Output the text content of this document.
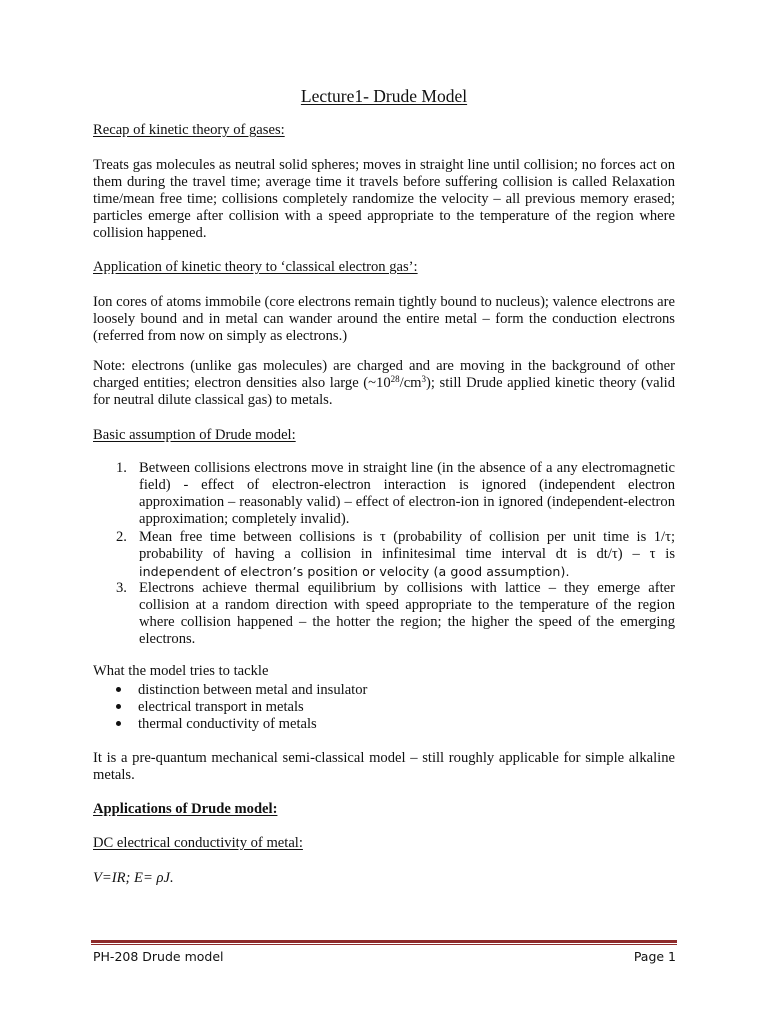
Lecture1- Drude Model
Recap of kinetic theory of gases:
Treats gas molecules as neutral solid spheres; moves in straight line until collision; no forces act on them during the travel time; average time it travels before suffering collision is called Relaxation time/mean free time; collisions completely randomize the velocity – all previous memory erased; particles emerge after collision with a speed appropriate to the temperature of the region where collision happened.
Application of kinetic theory to ‘classical electron gas’:
Ion cores of atoms immobile (core electrons remain tightly bound to nucleus); valence electrons are loosely bound and in metal can wander around the entire metal – form the conduction electrons (referred from now on simply as electrons.)
Note: electrons (unlike gas molecules) are charged and are moving in the background of other charged entities; electron densities also large $(\sim 10^{28}/cm^3)$; still Drude applied kinetic theory (valid for neutral dilute classical gas) to metals.
Basic assumption of Drude model:
1. Between collisions electrons move in straight line (in the absence of a any electromagnetic field) - effect of electron-electron interaction is ignored (independent electron approximation – reasonably valid) – effect of electron-ion in ignored (independent-electron approximation; completely invalid).
2. Mean free time between collisions is τ (probability of collision per unit time is 1/τ; probability of having a collision in infinitesimal time interval dt is dt/τ) – τ is
independent of electron’s position or velocity (a good assumption).
3. Electrons achieve thermal equilibrium by collisions with lattice – they emerge after collision at a random direction with speed appropriate to the temperature of the region where collision happened – the hotter the region; the higher the speed of the emerging electrons.
What the model tries to tackle
distinction between metal and insulator
electrical transport in metals
thermal conductivity of metals
It is a pre-quantum mechanical semi-classical model – still roughly applicable for simple alkaline metals.
Applications of Drude model:
DC electrical conductivity of metal:
V=IR; E= ρJ.
PH-208 Drude model	Page 1
